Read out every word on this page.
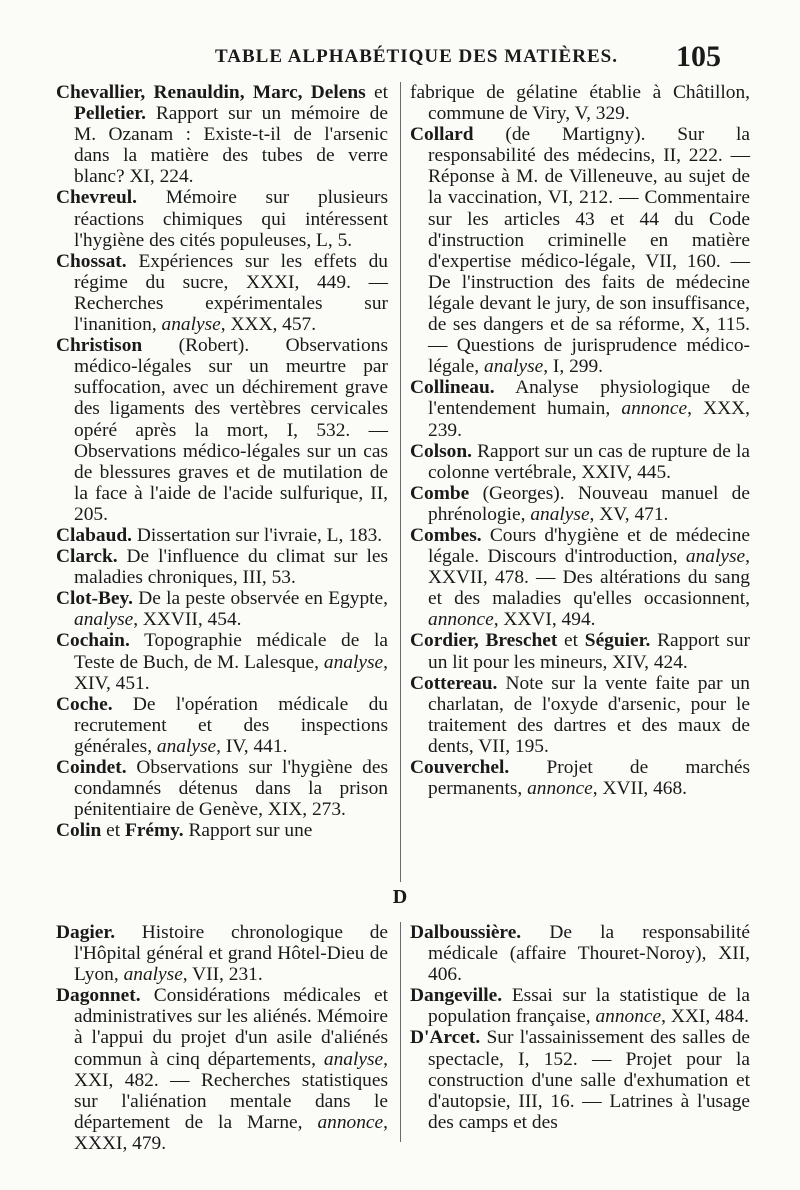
TABLE ALPHABÉTIQUE DES MATIÈRES. 105

Chevallier, Renauldin, Marc, Delens et Pelletier. Rapport sur un mémoire de M. Ozanam : Existe-t-il de l'arsenic dans la matière des tubes de verre blanc? XI, 224.

Chevreul. Mémoire sur plusieurs réactions chimiques qui intéressent l'hygiène des cités populeuses, L, 5.

Chossat. Expériences sur les effets du régime du sucre, XXXI, 449. — Recherches expérimentales sur l'inanition, analyse, XXX, 457.

Christison (Robert). Observations médico-légales sur un meurtre par suffocation, avec un déchirement grave des ligaments des vertèbres cervicales opéré après la mort, I, 532. — Observations médico-légales sur un cas de blessures graves et de mutilation de la face à l'aide de l'acide sulfurique, II, 205.

Clabaud. Dissertation sur l'ivraie, L, 183.

Clarck. De l'influence du climat sur les maladies chroniques, III, 53.

Clot-Bey. De la peste observée en Egypte, analyse, XXVII, 454.

Cochain. Topographie médicale de la Teste de Buch, de M. Lalesque, analyse, XIV, 451.

Coche. De l'opération médicale du recrutement et des inspections générales, analyse, IV, 441.

Coindet. Observations sur l'hygiène des condamnés détenus dans la prison pénitentiaire de Genève, XIX, 273.

Colin et Frémy. Rapport sur une

fabrique de gélatine établie à Châtillon, commune de Viry, V, 329.

Collard (de Martigny). Sur la responsabilité des médecins, II, 222. — Réponse à M. de Villeneuve, au sujet de la vaccination, VI, 212. — Commentaire sur les articles 43 et 44 du Code d'instruction criminelle en matière d'expertise médico-légale, VII, 160. — De l'instruction des faits de médecine légale devant le jury, de son insuffisance, de ses dangers et de sa réforme, X, 115. — Questions de jurisprudence médico-légale, analyse, I, 299.

Collineau. Analyse physiologique de l'entendement humain, annonce, XXX, 239.

Colson. Rapport sur un cas de rupture de la colonne vertébrale, XXIV, 445.

Combe (Georges). Nouveau manuel de phrénologie, analyse, XV, 471.

Combes. Cours d'hygiène et de médecine légale. Discours d'introduction, analyse, XXVII, 478. — Des altérations du sang et des maladies qu'elles occasionnent, annonce, XXVI, 494.

Cordier, Breschet et Séguier. Rapport sur un lit pour les mineurs, XIV, 424.

Cottereau. Note sur la vente faite par un charlatan, de l'oxyde d'arsenic, pour le traitement des dartres et des maux de dents, VII, 195.

Couverchel. Projet de marchés permanents, annonce, XVII, 468.

D

Dagier. Histoire chronologique de l'Hôpital général et grand Hôtel-Dieu de Lyon, analyse, VII, 231.

Dagonnet. Considérations médicales et administratives sur les aliénés. Mémoire à l'appui du projet d'un asile d'aliénés commun à cinq départements, analyse, XXI, 482. — Recherches statistiques sur l'aliénation mentale dans le département de la Marne, annonce, XXXI, 479.

Dalboussière. De la responsabilité médicale (affaire Thouret-Noroy), XII, 406.

Dangeville. Essai sur la statistique de la population française, annonce, XXI, 484.

D'Arcet. Sur l'assainissement des salles de spectacle, I, 152. — Projet pour la construction d'une salle d'exhumation et d'autopsie, III, 16. — Latrines à l'usage des camps et des
